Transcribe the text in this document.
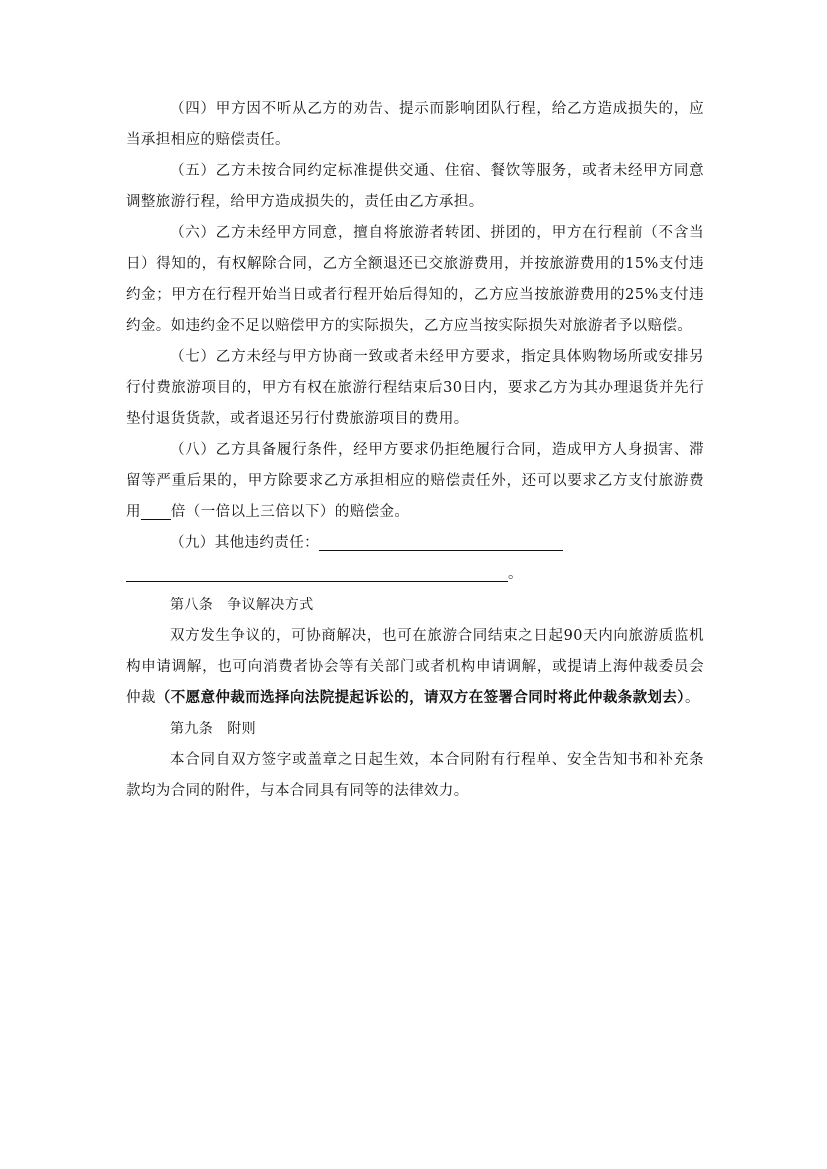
（四）甲方因不听从乙方的劝告、提示而影响团队行程，给乙方造成损失的，应当承担相应的赔偿责任。

（五）乙方未按合同约定标准提供交通、住宿、餐饮等服务，或者未经甲方同意调整旅游行程，给甲方造成损失的，责任由乙方承担。

（六）乙方未经甲方同意，擅自将旅游者转团、拼团的，甲方在行程前（不含当日）得知的，有权解除合同，乙方全额退还已交旅游费用，并按旅游费用的15%支付违约金；甲方在行程开始当日或者行程开始后得知的，乙方应当按旅游费用的25%支付违约金。如违约金不足以赔偿甲方的实际损失，乙方应当按实际损失对旅游者予以赔偿。

（七）乙方未经与甲方协商一致或者未经甲方要求，指定具体购物场所或安排另行付费旅游项目的，甲方有权在旅游行程结束后30日内，要求乙方为其办理退货并先行垫付退货货款，或者退还另行付费旅游项目的费用。

（八）乙方具备履行条件，经甲方要求仍拒绝履行合同，造成甲方人身损害、滞留等严重后果的，甲方除要求乙方承担相应的赔偿责任外，还可以要求乙方支付旅游费用 倍（一倍以上三倍以下）的赔偿金。

（九）其他违约责任：

。

第八条 争议解决方式

双方发生争议的，可协商解决，也可在旅游合同结束之日起90天内向旅游质监机构申请调解，也可向消费者协会等有关部门或者机构申请调解，或提请上海仲裁委员会仲裁（不愿意仲裁而选择向法院提起诉讼的，请双方在签署合同时将此仲裁条款划去）。

第九条 附则

本合同自双方签字或盖章之日起生效，本合同附有行程单、安全告知书和补充条款均为合同的附件，与本合同具有同等的法律效力。
